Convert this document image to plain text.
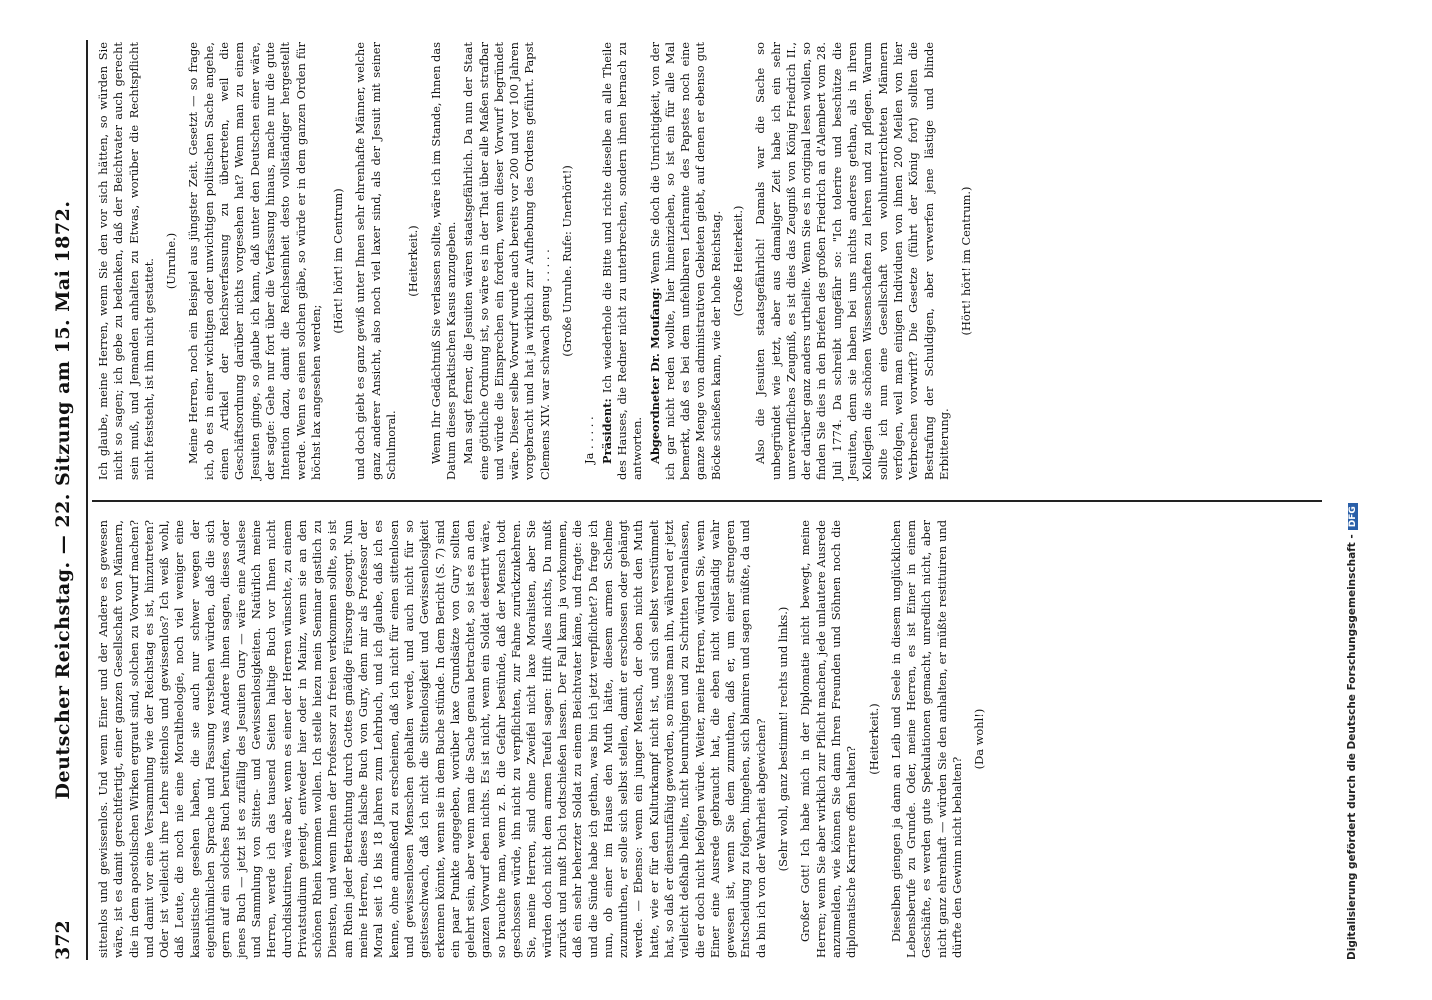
372
Deutscher Reichstag. — 22. Sitzung am 15. Mai 1872. sittenlos und gewissenlos. Und wenn Einer und der Andere es gewesen wäre, ist es damit gerechtfertigt, einer ganzen Gesellschaft von Männern, die in dem apostolischen Wirken ergraut sind, solchen zu Vorwurf machen? und damit vor eine Versammlung wie der Reichstag es ist, hinzutreten? Oder ist vielleicht ihre Lehre sittenlos und gewissenlos? Ich weiß wohl, daß Leute, die noch nie eine Moraltheologie, noch viel weniger eine kasuistische gesehen haben, die sie auch nur schwer wegen der eigenthümlichen Sprache und Fassung verstehen würden, daß die sich gern auf ein solches Buch berufen, was Andere ihnen sagen, dieses oder jenes Buch — jetzt ist es zufällig des Jesuiten Gury — wäre eine Auslese und Sammlung von Sitten- und Gewissenlosigkeiten. Natürlich meine Herren, werde ich das tausend Seiten haltige Buch vor Ihnen nicht durchdiskutiren, wäre aber, wenn es einer der Herren wünschte, zu einem Privatstudium geneigt, entweder hier oder in Mainz, wenn sie an den schönen Rhein kommen wollen. Ich stelle hiezu mein Seminar gastlich zu Diensten, und wenn Ihnen der Professor zu freien verkommen sollte, so ist am Rhein jeder Betrachtung durch Gottes gnädige Fürsorge gesorgt. Nun meine Herren, dieses falsche Buch von Gury, denn mir als Professor der Moral seit 16 bis 18 Jahren zum Lehrbuch, und ich glaube, daß ich es kenne, ohne anmaßend zu erscheinen, daß ich nicht für einen sittenlosen und gewissenlosen Menschen gehalten werde, und auch nicht für so geistesschwach, daß ich nicht die Sittenlosigkeit und Gewissenlosigkeit erkennen könnte, wenn sie in dem Buche stünde. In dem Bericht (S. 7) sind ein paar Punkte angegeben, worüber laxe Grundsätze von Gury sollten gelehrt sein, aber wenn man die Sache genau betrachtet, so ist es an den ganzen Vorwurf eben nichts. Es ist nicht, wenn ein Soldat desertirt wäre, so brauchte man, wenn z. B. die Gefahr bestünde, daß der Mensch todt geschossen würde, ihn nicht zu verpflichten, zur Fahne zurückzukehren. Sie, meine Herren, sind ohne Zweifel nicht laxe Moralisten, aber Sie würden doch nicht dem armen Teufel sagen: Hilft Alles nichts, Du mußt zurück und mußt Dich todtschießen lassen. Der Fall kann ja vorkommen, daß ein sehr beherzter Soldat zu einem Beichtvater käme, und fragte: die und die Sünde habe ich gethan, was bin ich jetzt verpflichtet? Da frage ich nun, ob einer im Hause den Muth hätte, diesem armen Schelme zuzumuthen, er solle sich selbst stellen, damit er erschossen oder gehängt werde. — Ebenso: wenn ein junger Mensch, der oben nicht den Muth hatte, wie er für den Kulturkampf nicht ist, und sich selbst verstümmelt hat, so daß er dienstunfähig geworden, so müsse man ihn, während er jetzt vielleicht deßhalb heilte, nicht beunruhigen und zu Schritten veranlassen, die er doch nicht befolgen würde. Weiter, meine Herren, würden Sie, wenn Einer eine Ausrede gebraucht hat, die eben nicht vollständig wahr gewesen ist, wenn Sie dem zumuthen, daß er, um einer strengeren Entscheidung zu folgen, hingehen, sich blamiren und sagen müßte, da und da bin ich von der Wahrheit abgewichen? (Sehr wohl, ganz bestimmt! rechts und links.) Großer Gott! Ich habe mich in der Diplomatie nicht bewegt, meine Herren; wenn Sie aber wirklich zur Pflicht machen, jede unlautere Ausrede anzumelden, wie können Sie dann Ihren Freunden und Söhnen noch die diplomatische Karriere offen halten?

(Heiterkeit.) Dieselben giengen ja dann an Leib und Seele in diesem unglücklichen Lebensberufe zu Grunde. Oder, meine Herren, es ist Einer in einem Geschäfte, es werden gute Spekulationen gemacht, unredlich nicht, aber nicht ganz ehrenhaft — würden Sie den anhalten, er müßte restituiren und dürfte den Gewinn nicht behalten?

(Da wohl!)

Ich glaube, meine Herren, wenn Sie den vor sich hätten, so würden Sie nicht so sagen; ich gebe zu bedenken, daß der Beichtvater auch gerecht sein muß, und Jemanden anhalten zu Etwas, worüber die Rechtspflicht nicht feststeht, ist ihm nicht gestattet. (Unruhe.) Meine Herren, noch ein Beispiel aus jüngster Zeit. Gesetzt — so frage ich, ob es in einer wichtigen oder unwichtigen politischen Sache angehe, einen Artikel der Reichsverfassung zu übertreten, weil die Geschäftsordnung darüber nichts vorgesehen hat? Wenn man zu einem Jesuiten ginge, so glaube ich kann, daß unter den Deutschen einer wäre, der sagte: Gehe nur fort über die Verfassung hinaus, mache nur die gute Intention dazu, damit die Reichseinheit desto vollständiger hergestellt werde. Wenn es einen solchen gäbe, so würde er in dem ganzen Orden für höchst lax angesehen werden;

(Hört! hört! im Centrum) und doch giebt es ganz gewiß unter Ihnen sehr ehrenhafte Männer, welche ganz anderer Ansicht, also noch viel laxer sind, als der Jesuit mit seiner Schulmoral.

(Heiterkeit.) Wenn Ihr Gedächtniß Sie verlassen sollte, wäre ich im Stande, Ihnen das Datum dieses praktischen Kasus anzugeben. Man sagt ferner, die Jesuiten wären staatsgefährlich. Da nun der Staat eine göttliche Ordnung ist, so wäre es in der That über alle Maßen strafbar und würde die Einsprechen ein fordern, wenn dieser Vorwurf begründet wäre. Dieser selbe Vorwurf wurde auch bereits vor 200 und vor 100 Jahren vorgebracht und hat ja wirklich zur Aufhebung des Ordens geführt. Papst Clemens XIV. war schwach genug . . . . . (Große Unruhe. Rufe: Unerhört!)

Ja . . . . . Präsident: Ich wiederhole die Bitte und richte dieselbe an alle Theile des Hauses, die Redner nicht zu unterbrechen, sondern ihnen hernach zu antworten. Abgeordneter Dr. Moufang: Wenn Sie doch die Unrichtigkeit, von der ich gar nicht reden wollte, hier hineinziehen, so ist ein für alle Mal bemerkt, daß es bei dem unfehlbaren Lehramte des Papstes noch eine ganze Menge von administrativen Gebieten giebt, auf denen er ebenso gut Böcke schießen kann, wie der hohe Reichstag. (Große Heiterkeit.) Also die Jesuiten staatsgefährlich! Damals war die Sache so unbegründet wie jetzt, aber aus damaliger Zeit habe ich ein sehr unverwerfliches Zeugniß, es ist dies das Zeugniß von König Friedrich II., der darüber ganz anders urtheilte. Wenn Sie es in original lesen wollen, so finden Sie dies in den Briefen des großen Friedrich an d'Alembert vom 28. Juli 1774. Da schreibt ungefähr so: "Ich tolerire und beschütze die Jesuiten, denn sie haben bei uns nichts anderes gethan, als in ihren Kollegien die schönen Wissenschaften zu lehren und zu pflegen. Warum sollte ich nun eine Gesellschaft von wohlunterrichteten Männern verfolgen, weil man einigen Individuen von ihnen 200 Meilen von hier Verbrechen vorwirft? Die Gesetze (führt der König fort) sollten die Bestrafung der Schuldigen, aber verwerfen jene lästige und blinde Erbitterung.

(Hört! hört! im Centrum.)

Digitalisierung gefördert durch die Deutsche Forschungsgemeinschaft -DFG
